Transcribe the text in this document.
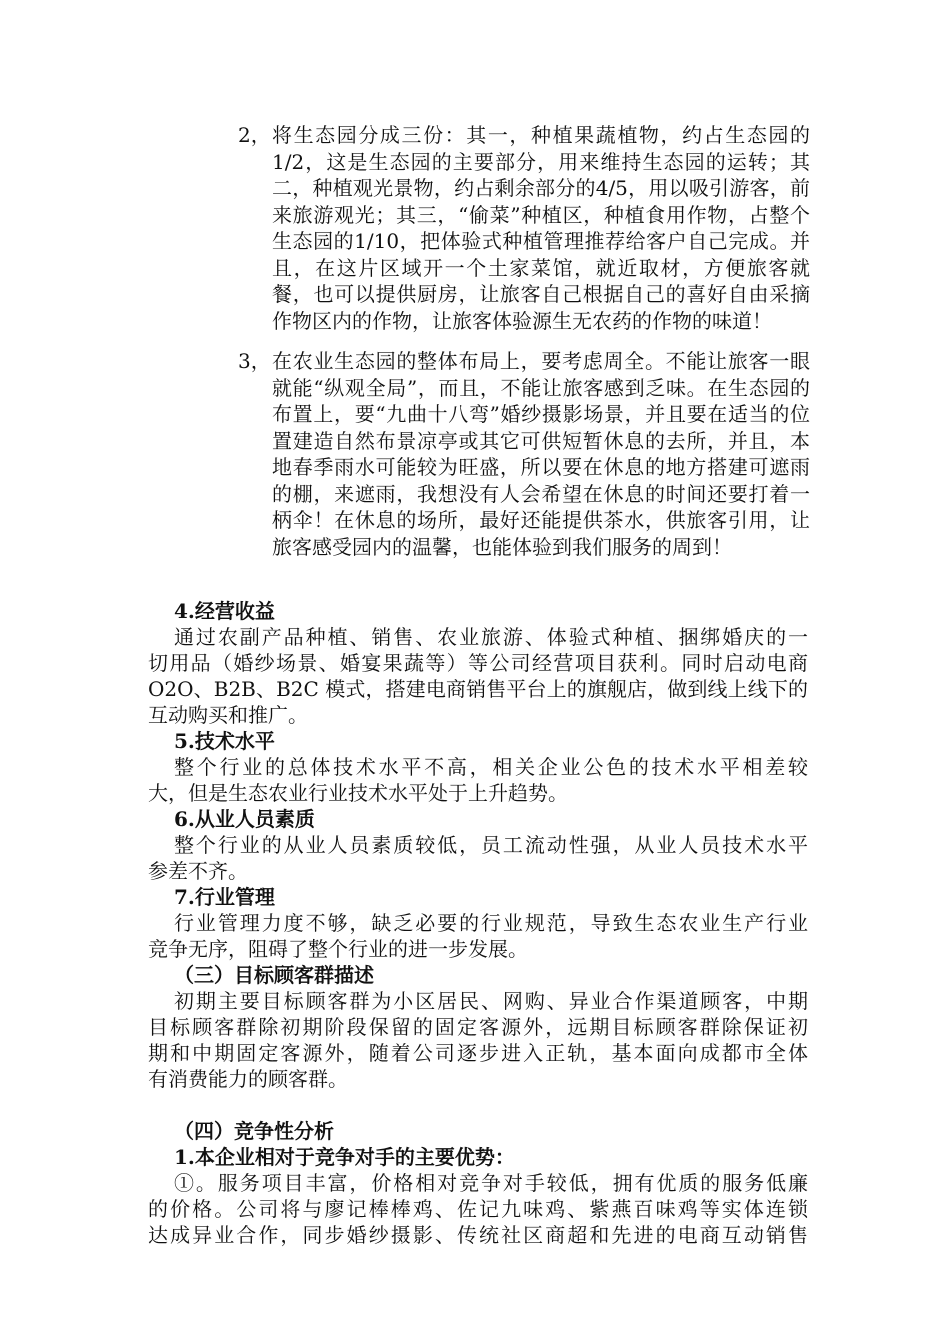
2， 将生态园分成三份：其一，种植果蔬植物，约占生态园的1/2，这是生态园的主要部分，用来维持生态园的运转；其二，种植观光景物，约占剩余部分的4/5，用以吸引游客，前来旅游观光；其三，“偷菜”种植区，种植食用作物，占整个生态园的1/10，把体验式种植管理推荐给客户自己完成。并且，在这片区域开一个土家菜馆，就近取材，方便旅客就餐，也可以提供厨房，让旅客自己根据自己的喜好自由采摘作物区内的作物，让旅客体验源生无农药的作物的味道！
3， 在农业生态园的整体布局上，要考虑周全。不能让旅客一眼就能“纵观全局”，而且，不能让旅客感到乏味。在生态园的布置上，要“九曲十八弯”婚纱摄影场景，并且要在适当的位置建造自然布景凉亭或其它可供短暂休息的去所，并且，本地春季雨水可能较为旺盛，所以要在休息的地方搭建可遮雨的棚，来遮雨，我想没有人会希望在休息的时间还要打着一柄伞！在休息的场所，最好还能提供茶水，供旅客引用，让旅客感受园内的温馨，也能体验到我们服务的周到！
4.经营收益
通过农副产品种植、销售、农业旅游、体验式种植、捆绑婚庆的一
切用品（婚纱场景、婚宴果蔬等）等公司经营项目获利。同时启动电商
O2O、B2B、B2C 模式，搭建电商销售平台上的旗舰店，做到线上线下的
互动购买和推广。
5.技术水平
整个行业的总体技术水平不高，相关企业公色的技术水平相差较
大，但是生态农业行业技术水平处于上升趋势。
6.从业人员素质
整个行业的从业人员素质较低，员工流动性强，从业人员技术水平
参差不齐。
7.行业管理
行业管理力度不够，缺乏必要的行业规范，导致生态农业生产行业
竞争无序，阻碍了整个行业的进一步发展。
（三）目标顾客群描述
初期主要目标顾客群为小区居民、网购、异业合作渠道顾客，中期
目标顾客群除初期阶段保留的固定客源外，远期目标顾客群除保证初
期和中期固定客源外，随着公司逐步进入正轨，基本面向成都市全体
有消费能力的顾客群。
（四）竞争性分析
1.本企业相对于竞争对手的主要优势：
①。服务项目丰富，价格相对竞争对手较低，拥有优质的服务低廉
的价格。公司将与廖记棒棒鸡、佐记九味鸡、紫燕百味鸡等实体连锁
达成异业合作，同步婚纱摄影、传统社区商超和先进的电商互动销售
